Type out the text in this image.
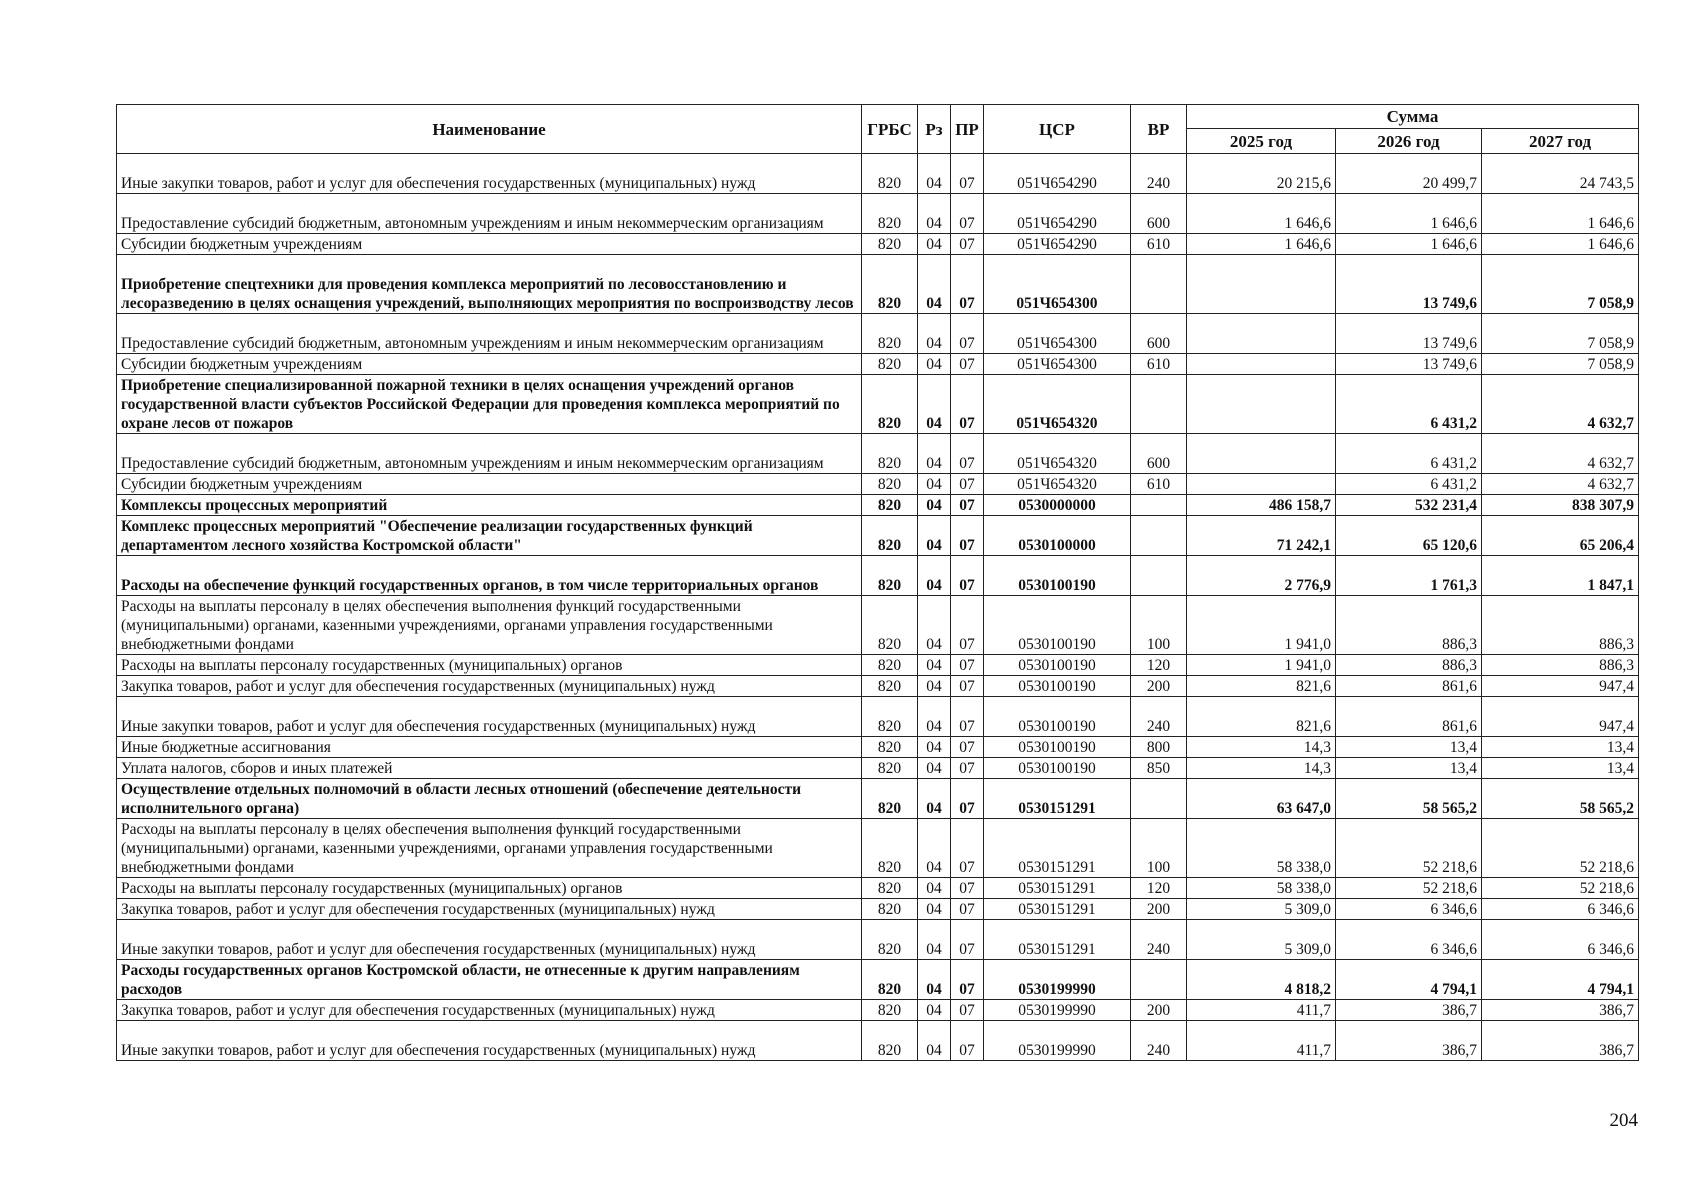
Наименование	ГРБС	Рз	ПР	ЦСР	ВР	Сумма		
						2025 год	2026 год	2027 год
Иные закупки товаров, работ и услуг для обеспечения государственных (муниципальных) нужд	820	04	07	051Ч654290	240	20 215,6	20 499,7	24 743,5
Предоставление субсидий бюджетным, автономным учреждениям и иным некоммерческим организациям	820	04	07	051Ч654290	600	1 646,6	1 646,6	1 646,6
Субсидии бюджетным учреждениям	820	04	07	051Ч654290	610	1 646,6	1 646,6	1 646,6
Приобретение спецтехники для проведения комплекса мероприятий по лесовосстановлению и лесоразведению в целях оснащения учреждений, выполняющих мероприятия по воспроизводству лесов	820	04	07	051Ч654300			13 749,6	7 058,9
Предоставление субсидий бюджетным, автономным учреждениям и иным некоммерческим организациям	820	04	07	051Ч654300	600		13 749,6	7 058,9
Субсидии бюджетным учреждениям	820	04	07	051Ч654300	610		13 749,6	7 058,9
Приобретение специализированной пожарной техники в целях оснащения учреждений органов государственной власти субъектов Российской Федерации для проведения комплекса мероприятий по охране лесов от пожаров	820	04	07	051Ч654320			6 431,2	4 632,7
Предоставление субсидий бюджетным, автономным учреждениям и иным некоммерческим организациям	820	04	07	051Ч654320	600		6 431,2	4 632,7
Субсидии бюджетным учреждениям	820	04	07	051Ч654320	610		6 431,2	4 632,7
Комплексы процессных мероприятий	820	04	07	0530000000		486 158,7	532 231,4	838 307,9
Комплекс процессных мероприятий "Обеспечение реализации государственных функций департаментом лесного хозяйства Костромской области"	820	04	07	0530100000		71 242,1	65 120,6	65 206,4
Расходы на обеспечение функций государственных органов, в том числе территориальных органов	820	04	07	0530100190		2 776,9	1 761,3	1 847,1
Расходы на выплаты персоналу в целях обеспечения выполнения функций государственными (муниципальными) органами, казенными учреждениями, органами управления государственными внебюджетными фондами	820	04	07	0530100190	100	1 941,0	886,3	886,3
Расходы на выплаты персоналу государственных (муниципальных) органов	820	04	07	0530100190	120	1 941,0	886,3	886,3
Закупка товаров, работ и услуг для обеспечения государственных (муниципальных) нужд	820	04	07	0530100190	200	821,6	861,6	947,4
Иные закупки товаров, работ и услуг для обеспечения государственных (муниципальных) нужд	820	04	07	0530100190	240	821,6	861,6	947,4
Иные бюджетные ассигнования	820	04	07	0530100190	800	14,3	13,4	13,4
Уплата налогов, сборов и иных платежей	820	04	07	0530100190	850	14,3	13,4	13,4
Осуществление отдельных полномочий в области лесных отношений (обеспечение деятельности исполнительного органа)	820	04	07	0530151291		63 647,0	58 565,2	58 565,2
Расходы на выплаты персоналу в целях обеспечения выполнения функций государственными (муниципальными) органами, казенными учреждениями, органами управления государственными внебюджетными фондами	820	04	07	0530151291	100	58 338,0	52 218,6	52 218,6
Расходы на выплаты персоналу государственных (муниципальных) органов	820	04	07	0530151291	120	58 338,0	52 218,6	52 218,6
Закупка товаров, работ и услуг для обеспечения государственных (муниципальных) нужд	820	04	07	0530151291	200	5 309,0	6 346,6	6 346,6
Иные закупки товаров, работ и услуг для обеспечения государственных (муниципальных) нужд	820	04	07	0530151291	240	5 309,0	6 346,6	6 346,6
Расходы государственных органов Костромской области, не отнесенные к другим направлениям расходов	820	04	07	0530199990		4 818,2	4 794,1	4 794,1
Закупка товаров, работ и услуг для обеспечения государственных (муниципальных) нужд	820	04	07	0530199990	200	411,7	386,7	386,7
Иные закупки товаров, работ и услуг для обеспечения государственных (муниципальных) нужд	820	04	07	0530199990	240	411,7	386,7	386,7
204
